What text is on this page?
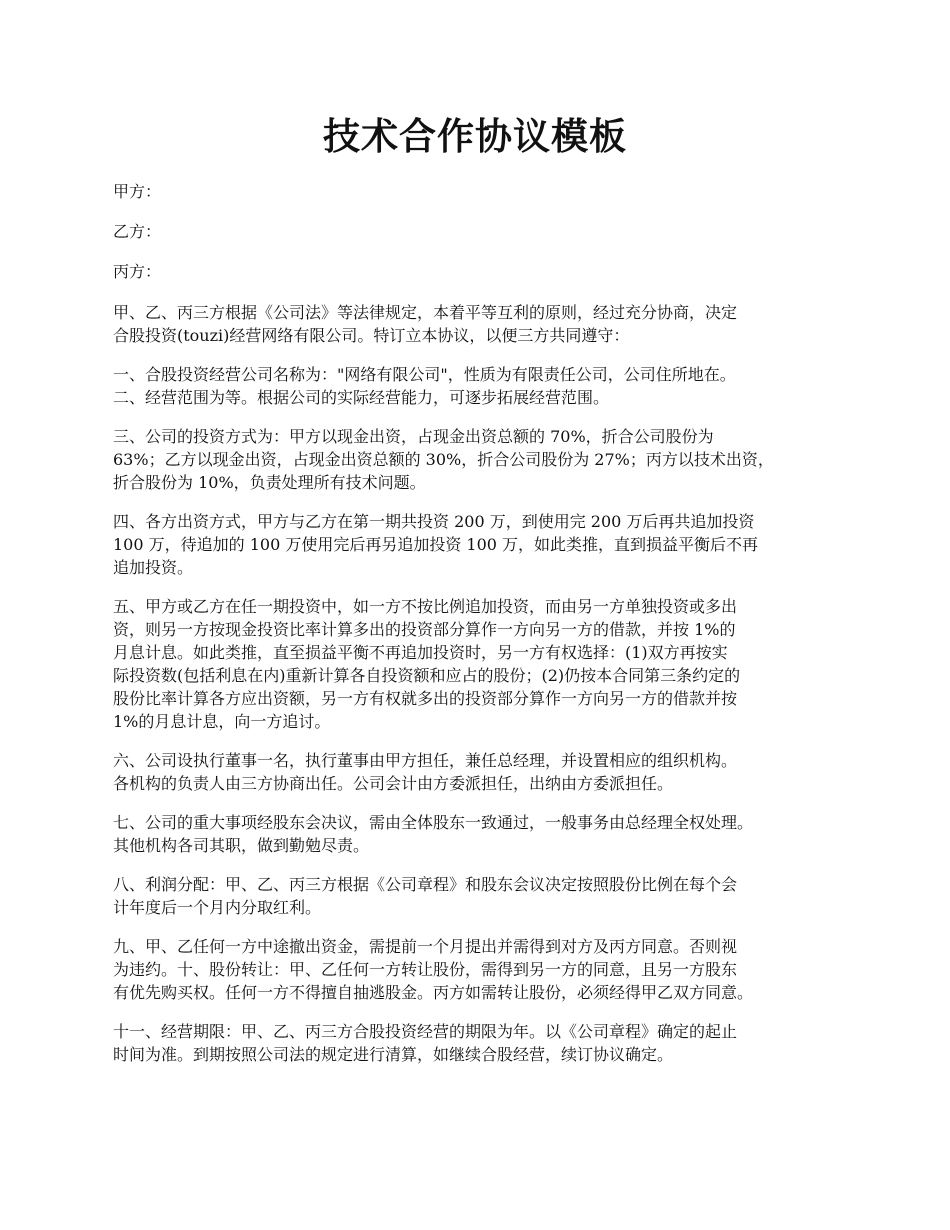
技术合作协议模板

甲方：

乙方：

丙方：

甲、乙、丙三方根据《公司法》等法律规定，本着平等互利的原则，经过充分协商，决定
合股投资(touzi)经营网络有限公司。特订立本协议，以便三方共同遵守：
一、合股投资经营公司名称为："网络有限公司"，性质为有限责任公司，公司住所地在。
二、经营范围为等。根据公司的实际经营能力，可逐步拓展经营范围。
三、公司的投资方式为：甲方以现金出资，占现金出资总额的 70%，折合公司股份为
63%；乙方以现金出资，占现金出资总额的 30%，折合公司股份为 27%；丙方以技术出资，
折合股份为 10%，负责处理所有技术问题。
四、各方出资方式，甲方与乙方在第一期共投资 200 万，到使用完 200 万后再共追加投资
100 万，待追加的 100 万使用完后再另追加投资 100 万，如此类推，直到损益平衡后不再
追加投资。
五、甲方或乙方在任一期投资中，如一方不按比例追加投资，而由另一方单独投资或多出
资，则另一方按现金投资比率计算多出的投资部分算作一方向另一方的借款，并按 1%的
月息计息。如此类推，直至损益平衡不再追加投资时，另一方有权选择：(1)双方再按实
际投资数(包括利息在内)重新计算各自投资额和应占的股份；(2)仍按本合同第三条约定的
股份比率计算各方应出资额，另一方有权就多出的投资部分算作一方向另一方的借款并按
1%的月息计息，向一方追讨。
六、公司设执行董事一名，执行董事由甲方担任，兼任总经理，并设置相应的组织机构。
各机构的负责人由三方协商出任。公司会计由方委派担任，出纳由方委派担任。
七、公司的重大事项经股东会决议，需由全体股东一致通过，一般事务由总经理全权处理。
其他机构各司其职，做到勤勉尽责。
八、利润分配：甲、乙、丙三方根据《公司章程》和股东会议决定按照股份比例在每个会
计年度后一个月内分取红利。
九、甲、乙任何一方中途撤出资金，需提前一个月提出并需得到对方及丙方同意。否则视
为违约。十、股份转让：甲、乙任何一方转让股份，需得到另一方的同意，且另一方股东
有优先购买权。任何一方不得擅自抽逃股金。丙方如需转让股份，必须经得甲乙双方同意。
十一、经营期限：甲、乙、丙三方合股投资经营的期限为年。以《公司章程》确定的起止
时间为准。到期按照公司法的规定进行清算，如继续合股经营，续订协议确定。
